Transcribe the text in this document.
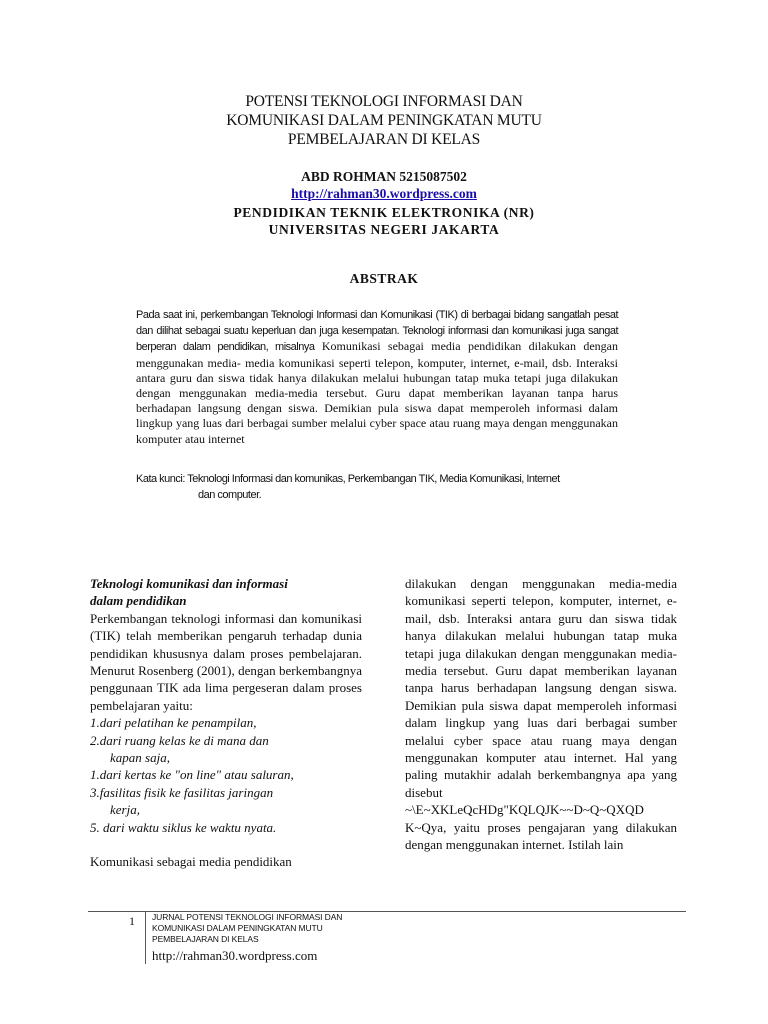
POTENSI TEKNOLOGI INFORMASI DAN
KOMUNIKASI DALAM PENINGKATAN MUTU
PEMBELAJARAN DI KELAS
ABD ROHMAN 5215087502
http://rahman30.wordpress.com
PENDIDIKAN TEKNIK ELEKTRONIKA (NR)
UNIVERSITAS NEGERI JAKARTA
ABSTRAK
Pada saat ini, perkembangan Teknologi Informasi dan Komunikasi (TIK) di berbagai bidang sangatlah pesat dan dilihat sebagai suatu keperluan dan juga kesempatan. Teknologi informasi dan komunikasi juga sangat berperan dalam pendidikan, misalnya Komunikasi sebagai media pendidikan dilakukan dengan menggunakan media- media komunikasi seperti telepon, komputer, internet, e-mail, dsb. Interaksi antara guru dan siswa tidak hanya dilakukan melalui hubungan tatap muka tetapi juga dilakukan dengan menggunakan media-media tersebut. Guru dapat memberikan layanan tanpa harus berhadapan langsung dengan siswa. Demikian pula siswa dapat memperoleh informasi dalam lingkup yang luas dari berbagai sumber melalui cyber space atau ruang maya dengan menggunakan komputer atau internet
Kata kunci: Teknologi Informasi dan komunikas, Perkembangan TIK, Media Komunikasi, Internet
dan computer.
Teknologi komunikasi dan informasi
dalam pendidikan
Perkembangan teknologi informasi dan komunikasi (TIK) telah memberikan pengaruh terhadap dunia pendidikan khususnya dalam proses pembelajaran. Menurut Rosenberg (2001), dengan berkembangnya penggunaan TIK ada lima pergeseran dalam proses pembelajaran yaitu:
1.dari pelatihan ke penampilan,
2.dari ruang kelas ke di mana dan
kapan saja,
1.dari kertas ke "on line" atau saluran,
3.fasilitas fisik ke fasilitas jaringan
kerja,
5. dari waktu siklus ke waktu nyata.
Komunikasi sebagai media pendidikan
dilakukan dengan menggunakan media-media komunikasi seperti telepon, komputer, internet, e-mail, dsb. Interaksi antara guru dan siswa tidak hanya dilakukan melalui hubungan tatap muka tetapi juga dilakukan dengan menggunakan media-media tersebut. Guru dapat memberikan layanan tanpa harus berhadapan langsung dengan siswa. Demikian pula siswa dapat memperoleh informasi dalam lingkup yang luas dari berbagai sumber melalui cyber space atau ruang maya dengan menggunakan komputer atau internet. Hal yang paling mutakhir adalah berkembangnya apa yang disebut
~\E~XKLeQcHDg"KQLQJK~~D~Q~QXQD
K~Qya, yaitu proses pengajaran yang dilakukan dengan menggunakan internet. Istilah lain
1 JURNAL POTENSI TEKNOLOGI INFORMASI DAN
KOMUNIKASI DALAM PENINGKATAN MUTU
PEMBELAJARAN DI KELAS
http://rahman30.wordpress.com
